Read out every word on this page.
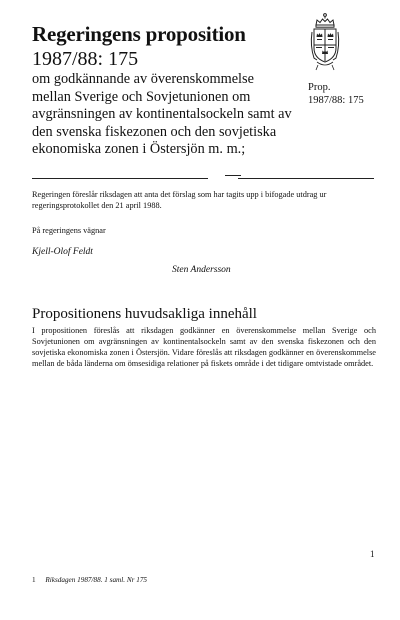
Regeringens proposition
1987/88: 175

om godkännande av överenskommelse mellan Sverige och Sovjetunionen om avgränsningen av kontinentalsockeln samt av den svenska fiskezonen och den sovjetiska ekonomiska zonen i Östersjön m. m.;

Prop.
1987/88: 175

Regeringen föreslår riksdagen att anta det förslag som har tagits upp i bifogade utdrag ur regeringsprotokollet den 21 april 1988.

På regeringens vägnar
Kjell-Olof Feldt
Sten Andersson
Propositionens huvudsakliga innehåll

I propositionen föreslås att riksdagen godkänner en överenskommelse mellan Sverige och Sovjetunionen om avgränsningen av kontinentalsockeln samt av den svenska fiskezonen och den sovjetiska ekonomiska zonen i Östersjön. Vidare föreslås att riksdagen godkänner en överenskommelse mellan de båda länderna om ömsesidiga relationer på fiskets område i det tidigare omtvistade området.

1
1 Riksdagen 1987/88. 1 saml. Nr 175
